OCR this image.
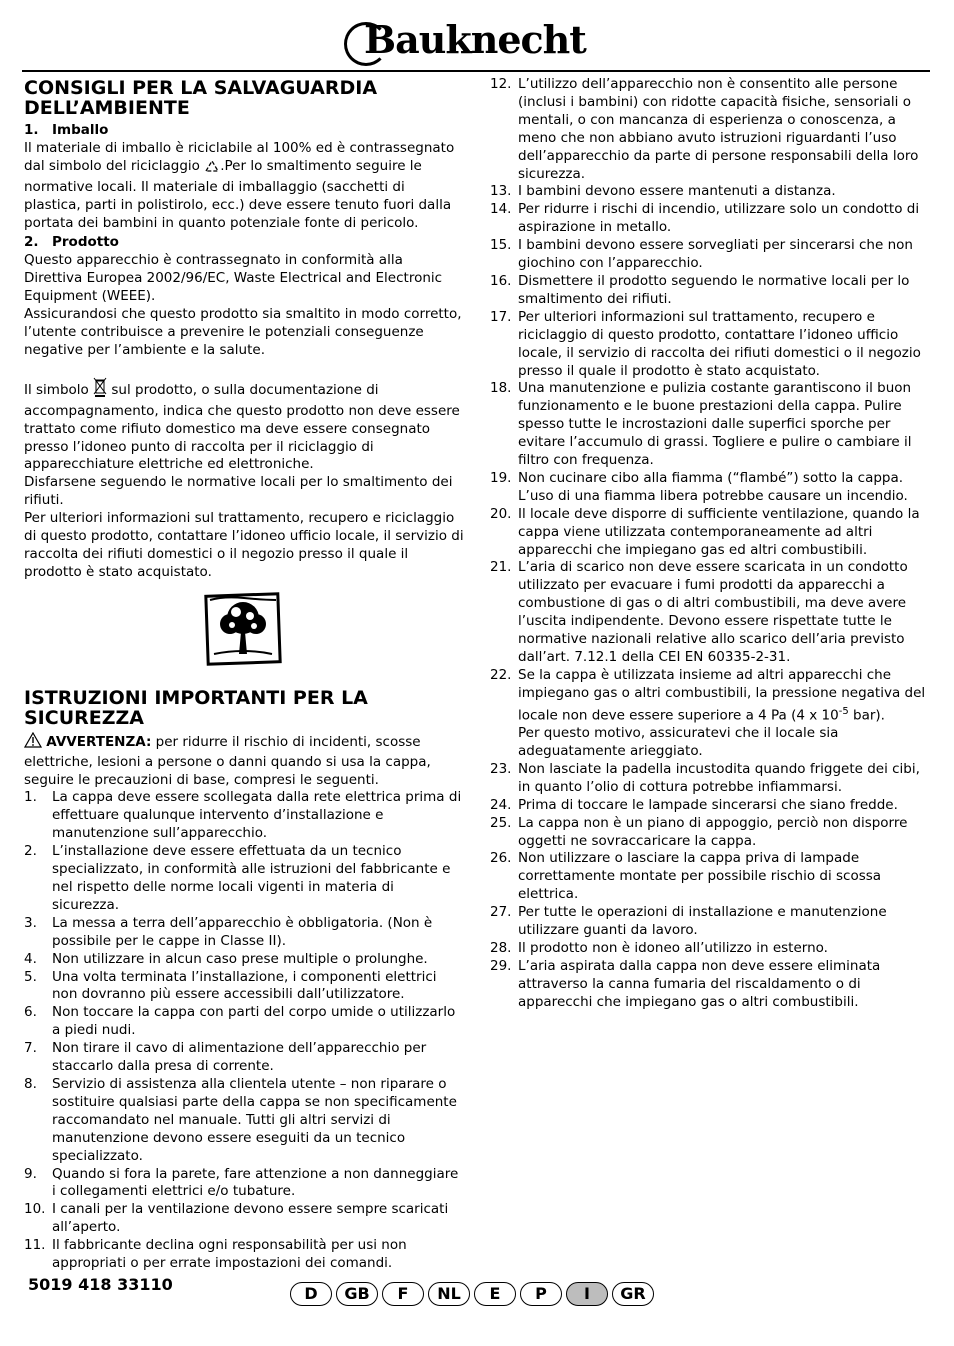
Bauknecht
CONSIGLI PER LA SALVAGUARDIA DELL’AMBIENTE
1. Imballo

Il materiale di imballo è riciclabile al 100% ed è contrassegnato dal simbolo del riciclaggio .Per lo smaltimento seguire le normative locali. Il materiale di imballaggio (sacchetti di plastica, parti in polistirolo, ecc.) deve essere tenuto fuori dalla portata dei bambini in quanto potenziale fonte di pericolo.

2. Prodotto

Questo apparecchio è contrassegnato in conformità alla Direttiva Europea 2002/96/EC, Waste Electrical and Electronic Equipment (WEEE).

Assicurandosi che questo prodotto sia smaltito in modo corretto, l’utente contribuisce a prevenire le potenziali conseguenze negative per l’ambiente e la salute.

Il simbolo  sul prodotto, o sulla documentazione di accompagnamento, indica che questo prodotto non deve essere trattato come rifiuto domestico ma deve essere consegnato presso l’idoneo punto di raccolta per il riciclaggio di apparecchiature elettriche ed elettroniche.

Disfarsene seguendo le normative locali per lo smaltimento dei rifiuti.

Per ulteriori informazioni sul trattamento, recupero e riciclaggio di questo prodotto, contattare l’idoneo ufficio locale, il servizio di raccolta dei rifiuti domestici o il negozio presso il quale il prodotto è stato acquistato.

ISTRUZIONI IMPORTANTI PER LA SICUREZZA

AVVERTENZA: per ridurre il rischio di incidenti, scosse elettriche, lesioni a persone o danni quando si usa la cappa, seguire le precauzioni di base, compresi le seguenti.

1. La cappa deve essere scollegata dalla rete elettrica prima di effettuare qualunque intervento d’installazione e manutenzione sull’apparecchio.
2. L’installazione deve essere effettuata da un tecnico specializzato, in conformità alle istruzioni del fabbricante e nel rispetto delle norme locali vigenti in materia di sicurezza.
3. La messa a terra dell’apparecchio è obbligatoria. (Non è possibile per le cappe in Classe II).
4. Non utilizzare in alcun caso prese multiple o prolunghe.
5. Una volta terminata l’installazione, i componenti elettrici non dovranno più essere accessibili dall’utilizzatore.
6. Non toccare la cappa con parti del corpo umide o utilizzarlo a piedi nudi.
7. Non tirare il cavo di alimentazione dell’apparecchio per staccarlo dalla presa di corrente.
8. Servizio di assistenza alla clientela utente – non riparare o sostituire qualsiasi parte della cappa se non specificamente raccomandato nel manuale. Tutti gli altri servizi di manutenzione devono essere eseguiti da un tecnico specializzato.
9. Quando si fora la parete, fare attenzione a non danneggiare i collegamenti elettrici e/o tubature.
10. I canali per la ventilazione devono essere sempre scaricati all’aperto.
11. Il fabbricante declina ogni responsabilità per usi non appropriati o per errate impostazioni dei comandi.
12. L’utilizzo dell’apparecchio non è consentito alle persone (inclusi i bambini) con ridotte capacità fisiche, sensoriali o mentali, o con mancanza di esperienza o conoscenza, a meno che non abbiano avuto istruzioni riguardanti l’uso dell’apparecchio da parte di persone responsabili della loro sicurezza.
13. I bambini devono essere mantenuti a distanza.
14. Per ridurre i rischi di incendio, utilizzare solo un condotto di aspirazione in metallo.
15. I bambini devono essere sorvegliati per sincerarsi che non giochino con l’apparecchio.
16. Dismettere il prodotto seguendo le normative locali per lo smaltimento dei rifiuti.
17. Per ulteriori informazioni sul trattamento, recupero e riciclaggio di questo prodotto, contattare l’idoneo ufficio locale, il servizio di raccolta dei rifiuti domestici o il negozio presso il quale il prodotto è stato acquistato.
18. Una manutenzione e pulizia costante garantiscono il buon funzionamento e le buone prestazioni della cappa. Pulire spesso tutte le incrostazioni dalle superfici sporche per evitare l’accumulo di grassi. Togliere e pulire o cambiare il filtro con frequenza.
19. Non cucinare cibo alla fiamma (“flambé”) sotto la cappa. L’uso di una fiamma libera potrebbe causare un incendio.
20. Il locale deve disporre di sufficiente ventilazione, quando la cappa viene utilizzata contemporaneamente ad altri apparecchi che impiegano gas ed altri combustibili.
21. L’aria di scarico non deve essere scaricata in un condotto utilizzato per evacuare i fumi prodotti da apparecchi a combustione di gas o di altri combustibili, ma deve avere l’uscita indipendente. Devono essere rispettate tutte le normative nazionali relative allo scarico dell’aria previsto dall’art. 7.12.1 della CEI EN 60335-2-31.
22. Se la cappa è utilizzata insieme ad altri apparecchi che impiegano gas o altri combustibili, la pressione negativa del locale non deve essere superiore a 4 Pa (4 x $10^{-5}$ bar).
Per questo motivo, assicuratevi che il locale sia adeguatamente arieggiato.
23. Non lasciate la padella incustodita quando friggete dei cibi, in quanto l’olio di cottura potrebbe infiammarsi.
24. Prima di toccare le lampade sincerarsi che siano fredde.
25. La cappa non è un piano di appoggio, perciò non disporre oggetti ne sovraccaricare la cappa.
26. Non utilizzare o lasciare la cappa priva di lampade correttamente montate per possibile rischio di scossa elettrica.
27. Per tutte le operazioni di installazione e manutenzione utilizzare guanti da lavoro.
28. Il prodotto non è idoneo all’utilizzo in esterno.
29. L’aria aspirata dalla cappa non deve essere eliminata attraverso la canna fumaria del riscaldamento o di apparecchi che impiegano gas o altri combustibili.
5019 418 33110	D	GB	F	NL	E	P	I	GR
